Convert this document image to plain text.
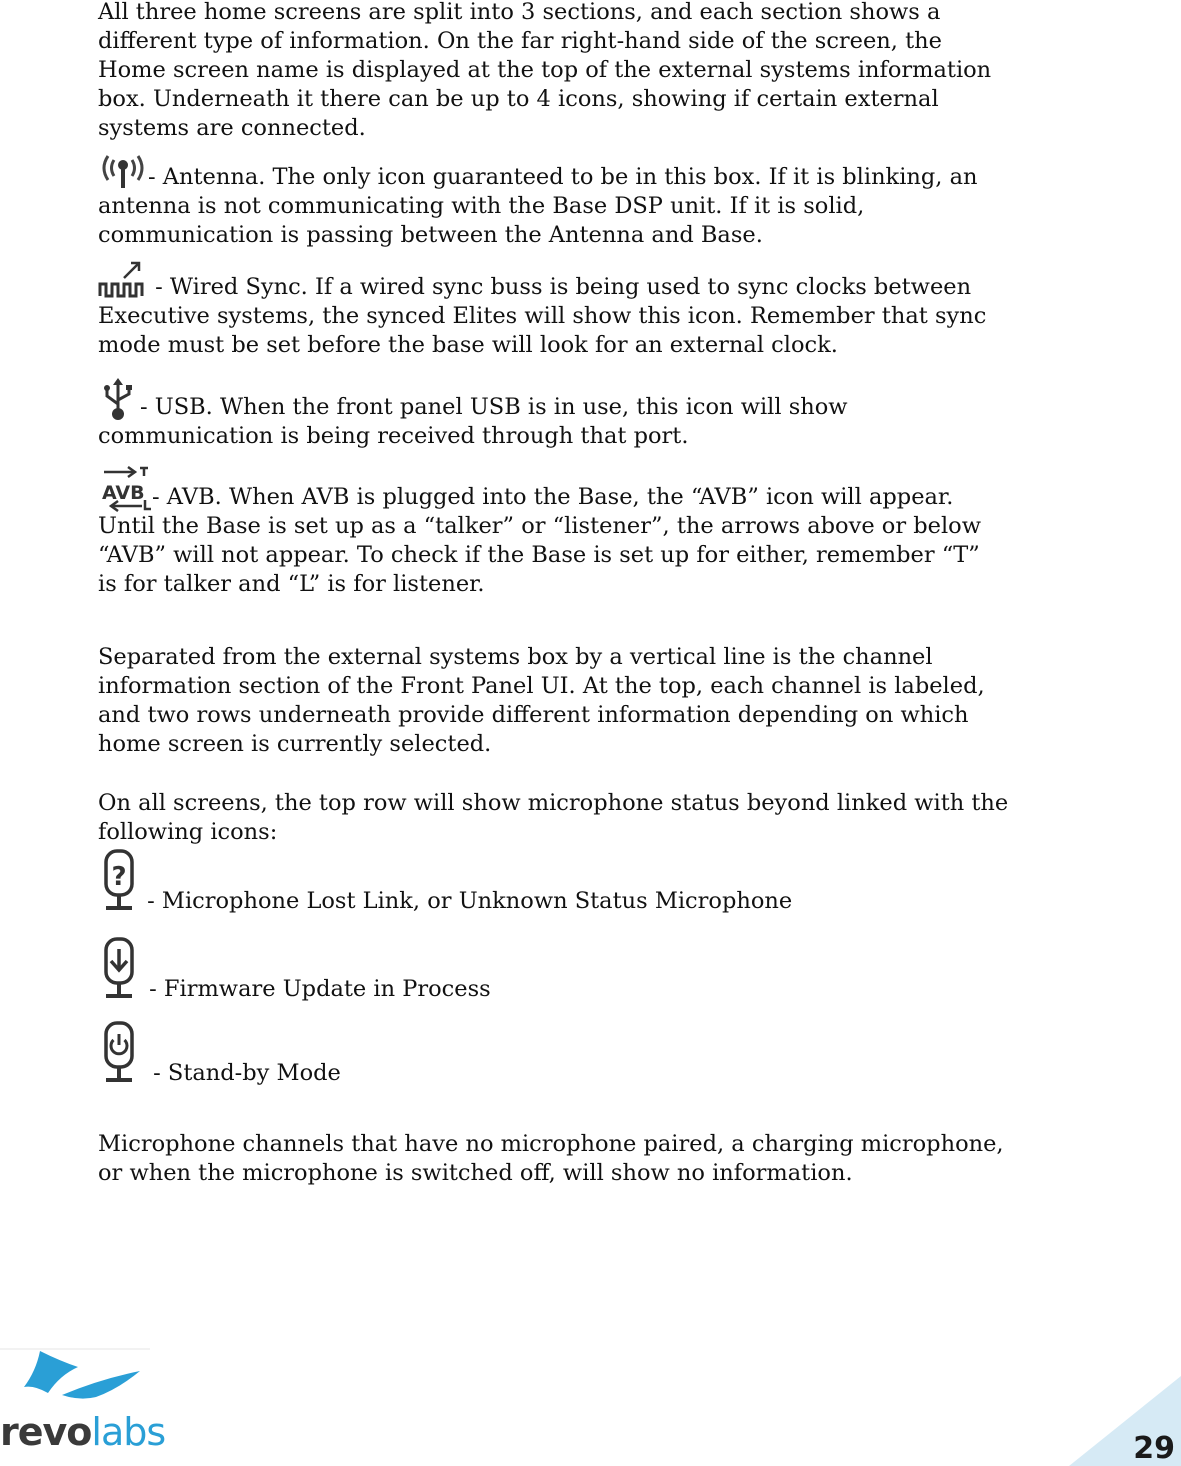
All three home screens are split into 3 sections, and each section shows a
different type of information. On the far right-hand side of the screen, the
Home screen name is displayed at the top of the external systems information
box. Underneath it there can be up to 4 icons, showing if certain external
systems are connected.
- Antenna. The only icon guaranteed to be in this box. If it is blinking, an
antenna is not communicating with the Base DSP unit. If it is solid,
communication is passing between the Antenna and Base.
- Wired Sync. If a wired sync buss is being used to sync clocks between
Executive systems, the synced Elites will show this icon. Remember that sync
mode must be set before the base will look for an external clock.
- USB. When the front panel USB is in use, this icon will show
communication is being received through that port.
AVB - AVB. When AVB is plugged into the Base, the “AVB” icon will appear.
Until the Base is set up as a “talker” or “listener”, the arrows above or below
“AVB” will not appear. To check if the Base is set up for either, remember “T”
is for talker and “L” is for listener.
Separated from the external systems box by a vertical line is the channel
information section of the Front Panel UI. At the top, each channel is labeled,
and two rows underneath provide different information depending on which
home screen is currently selected.
On all screens, the top row will show microphone status beyond linked with the
following icons:
?
- Microphone Lost Link, or Unknown Status Microphone
- Firmware Update in Process
- Stand-by Mode
Microphone channels that have no microphone paired, a charging microphone,
or when the microphone is switched off, will show no information.
revolabs	29
